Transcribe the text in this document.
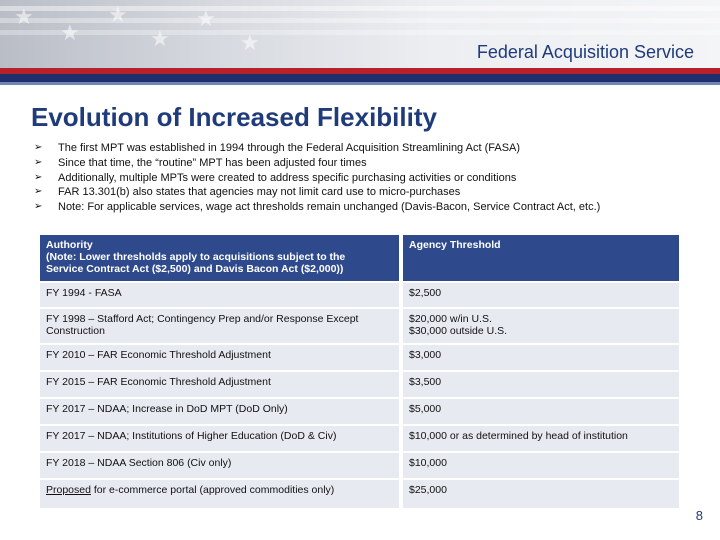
★
★
★
★
★
★	Federal Acquisition Service
Evolution of Increased Flexibility
➢ The first MPT was established in 1994 through the Federal Acquisition Streamlining Act (FASA)
➢ Since that time, the “routine” MPT has been adjusted four times
➢ Additionally, multiple MPTs were created to address specific purchasing activities or conditions
➢ FAR 13.301(b) also states that agencies may not limit card use to micro-purchases
➢ Note: For applicable services, wage act thresholds remain unchanged (Davis-Bacon, Service Contract Act, etc.)
Authority
(Note: Lower thresholds apply to acquisitions subject to the
Service Contract Act ($2,500) and Davis Bacon Act ($2,000))		Agency Threshold
FY 1994 - FASA		$2,500
FY 1998 – Stafford Act; Contingency Prep and/or Response Except Construction		$20,000 w/in U.S.
$30,000 outside U.S.

FY 2010 – FAR Economic Threshold Adjustment		$3,000
FY 2015 – FAR Economic Threshold Adjustment		$3,500
FY 2017 – NDAA; Increase in DoD MPT (DoD Only)		$5,000
FY 2017 – NDAA; Institutions of Higher Education (DoD & Civ)		$10,000 or as determined by head of institution
FY 2018 – NDAA Section 806 (Civ only)		$10,000
Proposed for e-commerce portal (approved commodities only)		$25,000
8
